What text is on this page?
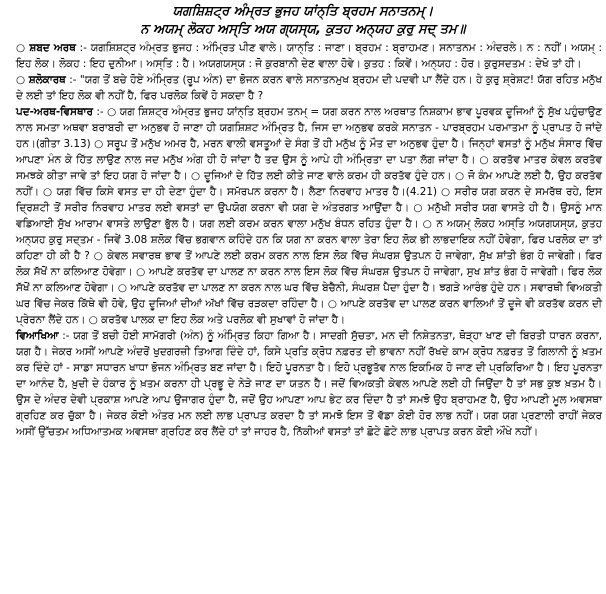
ਯਗਸ਼ਿਸ਼ਟ੍ਰ ਅੰਮ੍ਰਤ ਭੁਜਹ ਯਾਂਨ੍ਤਿ ਬ੍ਰਹਮ ਸਨਾਤਨਮ੍।
ਨ ਅਯਮ੍ ਲੋਕਹ ਅਸ੍ਤਿ ਅਯ ਗ੍ਯਸ੍ਯ, ਕੁਤਹ ਅਨ੍ਯਹ ਕੁਰੁ ਸਦ੍ ਤਮ॥

○ ਸ਼ਬਦ ਅਰਥ :- ਯਗਸ਼ਿਸ਼ਟ੍ਰ ਅੰਮ੍ਰਤ ਭੁਜਹ : ਅੰਮ੍ਰਿਤ ਪੀਣ ਵਾਲੇ। ਯਾਨ੍ਤਿ : ਜਾਣਾ। ਬ੍ਰਹਮ : ਬ੍ਰਾਹਮਣ। ਸਨਾਤਨਮ : ਅੰਦਰਲੇ। ਨ : ਨਹੀਂ। ਅਯਮ੍ : ਇਹ ਲੋਕ। ਲੋਕਹ : ਇਹ ਦੁਨੀਆ। ਅਸ੍ਤਿ : ਹੈ। ਅਯਗਯਸ੍ਯ : ਜੋ ਕੁਰਬਾਨੀ ਦੇਣ ਵਾਲਾ ਹੋਵੇ। ਕੁਤਹ : ਕਿਵੇਂ। ਅਨ੍ਯਹ : ਹੋਰ। ਕੁਰੁਸਦਤਮ : ਦੇਖੋ ਤਾਂ ਹੀ।

○ ਸ਼ਲੋਕਾਰਥ :- "ਯਗ ਤੋਂ ਬਚੇ ਹੋਏ ਅੰਮ੍ਰਿਤ (ਰੂਪ ਅੰਨ) ਦਾ ਭੋਜਨ ਕਰਨ ਵਾਲੇ ਸਨਾਤਨਮੁਖ ਬ੍ਰਹਮ ਦੀ ਪਦਵੀ ਪਾ ਲੈਂਦੇ ਹਨ। ਹੇ ਕੁਰੁ ਸ਼੍ਰੇਸ਼ਟ! ਯੱਗ ਰਹਿਤ ਮਨੁੱਖ ਦੇ ਲਈ ਤਾਂ ਇਹ ਲੋਕ ਵੀ ਨਹੀਂ ਹੈ, ਫਿਰ ਪਰਲੋਕ ਕਿਵੇਂ ਹੋ ਸਕਦਾ ਹੈ ?

ਪਦ-ਅਰਥ-ਵਿਸਥਾਰ :- ○ ਯਗ ਸ਼ਿਸ਼ਟ੍ਰ ਅੰਮ੍ਰਤ ਭੁਜਹ ਯਾਂਨ੍ਤਿ ਬ੍ਰਹਮ ਤਨਮ੍ = ਯਗ ਕਰਨ ਨਾਲ ਅਰਥਾਤ ਨਿਸ਼ਕਾਮ ਭਾਵ ਪੂਰਵਕ ਦੂਜਿਆਂ ਨੂੰ ਸੁੱਖ ਪਹੁੰਚਾਉਣ ਨਾਲ ਸਮਤਾ ਅਥਵਾ ਬਰਾਬਰੀ ਦਾ ਅਨੁਭਵ ਹੋ ਜਾਣਾ ਹੀ ਯਗਸ਼ਿਸ਼ਟ ਅੰਮ੍ਰਿਤ ਹੈ, ਜਿਸ ਦਾ ਅਨੁਭਵ ਕਰਕੇ ਸਨਾਤਨ - ਪਾਰਬ੍ਰਹਮ ਪਰਮਾਤਮਾ ਨੂੰ ਪ੍ਰਾਪਤ ਹੋ ਜਾਂਦੇ ਹਨ।(ਗੀਤਾ 3.13) ○ ਸਰੂਪ ਤੋਂ ਮਨੁੱਖ ਅਮਰ ਹੈ, ਮਰਨ ਵਾਲੀ ਵਸਤੂਆਂ ਦੇ ਸੰਗ ਤੋਂ ਹੀ ਮਨੁੱਖ ਨੂੰ ਮੌਤ ਦਾ ਅਨੁਭਵ ਹੁੰਦਾ ਹੈ। ਜਿਨ੍ਹਾਂ ਵਸਤਾਂ ਨੂੰ ਮਨੁੱਖ ਸੰਸਾਰ ਵਿੱਚ ਆਪਣਾ ਮੰਨ ਕੇ ਹਿੱਤ ਲਾਉਣ ਨਾਲ ਜਦ ਮਨੁੱਖ ਅੰਗ ਹੀ ਹੋ ਜਾਂਦਾ ਹੈ ਤਦ ਉਸ ਨੂੰ ਆਪੇ ਹੀ ਅੰਮ੍ਰਿਤਾ ਦਾ ਪਤਾ ਲੱਗ ਜਾਂਦਾ ਹੈ। ○ ਕਰਤੱਵ ਮਾਤਰ ਕੇਵਲ ਕਰਤੱਵ ਸਮਝਕੇ ਕੀਤਾ ਜਾਵੇ ਤਾਂ ਇਹ ਯਗ ਹੋ ਜਾਂਦਾ ਹੈ। ○ ਦੂਜਿਆਂ ਦੇ ਹਿੱਤ ਲਈ ਕੀਤੇ ਜਾਣ ਵਾਲੇ ਕਰਮ ਹੀ ਕਰਤੱਵ ਹੁੰਦੇ ਹਨ। ○ ਜੋ ਕੰਮ ਆਪਣੇ ਲਈ ਹੈ, ਉਹ ਕਰਤੱਵ ਨਹੀਂ। ○ ਯਗ ਵਿੱਚ ਕਿਸੇ ਵਸਤ ਦਾ ਹੀ ਦੇਣਾ ਹੁੰਦਾ ਹੈ। ਸਮੱਰਪਨ ਕਰਨਾ ਹੈ। ਲੈਣਾ ਨਿਰਵਾਹ ਮਾਤਰ ਹੈ।(4.21) ○ ਸਰੀਰ ਯਗ ਕਰਨ ਦੇ ਸਮਰੱਥ ਰਹੇ, ਇਸ ਦ੍ਰਿਸ਼ਟੀ ਤੋਂ ਸਰੀਰ ਨਿਰਵਾਹ ਮਾਤਰ ਲਈ ਵਸਤਾਂ ਦਾ ਉਪਯੋਗ ਕਰਨਾ ਵੀ ਯਗ ਦੇ ਅੰਤਰਗਤ ਆਉਂਦਾ ਹੈ। ○ ਮਨੁੱਖੀ ਸਰੀਰ ਯਗ ਵਾਸਤੇ ਹੀ ਹੈ। ਉਸਨੂੰ ਮਾਨ ਵਡਿਆਈ ਸੁੱਖ ਆਰਾਮ ਵਾਸਤੇ ਲਾਉਣਾ ਭੁੱਲ ਹੈ। ਯਗ ਲਈ ਕਰਮ ਕਰਨ ਵਾਲਾ ਮਨੁੱਖ ਬੰਧਨ ਰਹਿਤ ਹੁੰਦਾ ਹੈ। ○ ਨ ਅਯਮ੍ ਲੋਕਹ ਅਸ੍ਤਿ ਅਯਗਯਸ੍ਯ, ਕੁਤਹ ਅਨ੍ਯਹ ਕੁਰੁ ਸਦ੍ਤਮ - ਜਿਵੇਂ 3.08 ਸ਼ਲੋਕ ਵਿੱਚ ਭਗਵਾਨ ਕਹਿੰਦੇ ਹਨ ਕਿ ਯਗ ਨਾ ਕਰਨ ਵਾਲਾ ਤੇਰਾ ਇਹ ਲੋਕ ਭੀ ਲਾਭਦਾਇਕ ਨਹੀਂ ਹੋਵੇਗਾ, ਫਿਰ ਪਰਲੋਕ ਦਾ ਤਾਂ ਕਹਿਣਾ ਹੀ ਕੀ ਹੈ ? ○ ਕੇਵਲ ਸਵਾਰਥ ਭਾਵ ਤੋਂ ਆਪਣੇ ਲਈ ਕਰਮ ਕਰਨ ਨਾਲ ਇਸ ਲੋਕ ਵਿੱਚ ਸੰਘਰਸ਼ ਉਤਪਨ ਹੋ ਜਾਵੇਗਾ, ਸੁੱਖ ਸ਼ਾਂਤੀ ਭੰਗ ਹੋ ਜਾਵੇਗੀ। ਫਿਰ ਲੋਕ ਸੱਖੋਂ ਨਾ ਕਲਿਆਣ ਹੋਵੇਗਾ। ○ ਆਪਣੇ ਕਰਤੱਵ ਦਾ ਪਾਲਣ ਨਾ ਕਰਨ ਨਾਲ ਇਸ ਲੋਕ ਵਿੱਚ ਸੰਘਰਸ਼ ਉਤਪਨ ਹੋ ਜਾਵੇਗਾ, ਸੁਖ ਸ਼ਾਂਤ ਭੰਗ ਹੋ ਜਾਵੇਗੀ। ਫਿਰ ਲੋਕ ਸੱਖੋਂ ਨਾ ਕਲਿਆਣ ਹੋਵੇਗਾ। ○ ਆਪਣੇ ਕਰਤੱਵ ਦਾ ਪਾਲਣ ਨਾ ਕਰਨ ਨਾਲ ਘਰ ਵਿੱਚ ਬੇਚੈਨੀ, ਸੰਘਰਸ਼ ਪੈਦਾ ਹੁੰਦਾ ਹੈ। ਝਗੜੇ ਆਰੰਭ ਹੁੰਦੇ ਹਨ। ਸਵਾਰਥੀ ਵਿਅਕਤੀ ਘਰ ਵਿੱਚ ਜੇਕਰ ਕਿੱਥੇ ਵੀ ਹੋਵੇ, ਉਹ ਦੂਜਿਆਂ ਦੀਆਂ ਅੱਖਾਂ ਵਿੱਚ ਰੜਕਦਾ ਰਹਿੰਦਾ ਹੈ। ○ ਆਪਣੇ ਕਰਤੱਵ ਦਾ ਪਾਲਣ ਕਰਨ ਵਾਲਿਆਂ ਤੋਂ ਦੂਜੇ ਵੀ ਕਰਤੱਵ ਕਰਨ ਦੀ ਪ੍ਰੇਰਨਾ ਲੈਂਦੇ ਹਨ। ○ ਕਰਤੱਵ ਪਾਲਕ ਦਾ ਇਹ ਲੋਕ ਅਤੇ ਪਰਲੋਕ ਵੀ ਸੁਖਾਵਾਂ ਹੋ ਜਾਂਦਾ ਹੈ।

ਵਿਆਖਿਆ :- ਯਗ ਤੋਂ ਬਚੀ ਹੋਈ ਸਾਮੱਗਰੀ (ਅੰਨ) ਨੂੰ ਅੰਮ੍ਰਿਤ ਕਿਹਾ ਗਿਆ ਹੈ। ਸਾਦਗੀ ਸੁੱਚਤਾ, ਮਨ ਦੀ ਨਿਸ਼ੇਤਨਤਾ, ਥੋੜ੍ਹਾ ਖਾਣ ਦੀ ਬਿਰਤੀ ਧਾਰਨ ਕਰਨਾ, ਯਗ ਹੈ। ਜੇਕਰ ਅਸੀਂ ਆਪਣੇ ਅੰਦਰੋਂ ਖੁਦਗਰਜ਼ੀ ਤਿਆਗ ਦਿੰਦੇ ਹਾਂ, ਕਿਸੇ ਪ੍ਰਤਿ ਕ੍ਰੋਧ ਨਫ਼ਰਤ ਦੀ ਭਾਵਨਾ ਨਹੀਂ ਰੱਖਦੇ ਕਾਮ ਕ੍ਰੋਧ ਨਫ਼ਰਤ ਤੋਂ ਗਿਲਾਨੀ ਨੂੰ ਖ਼ਤਮ ਕਰ ਦਿੰਦੇ ਹਾਂ - ਸਾਡਾ ਸਧਾਰਨ ਖਾਧਾ ਭੋਜਨ ਅੰਮ੍ਰਿਤ ਬਣ ਜਾਂਦਾ ਹੈ। ਇਹੋ ਪੂਰਨਤਾ ਹੈ। ਇਹੋ ਪ੍ਰਭੂਤੱਵ ਨਾਲ ਇਕਮਿਕ ਹੋ ਜਾਣ ਦੀ ਪ੍ਰਕਿਰਿਆ ਹੈ। ਇਹ ਪੂਰਨਤਾ ਦਾ ਆਨੰਦ ਹੈ, ਖ਼ੁਦੀ ਦੇ ਹੰਕਾਰ ਨੂੰ ਖ਼ਤਮ ਕਰਨਾ ਹੀ ਪ੍ਰਭੂ ਦੇ ਨੇੜੇ ਜਾਣ ਦਾ ਯਤਨ ਹੈ। ਜਦੋਂ ਵਿਅਕਤੀ ਕੇਵਲ ਆਪਣੇ ਲਈ ਹੀ ਜਿਉਂਦਾ ਹੈ ਤਾਂ ਸਭ ਕੁਝ ਖ਼ਤਮ ਹੈ। ਉਸ ਦੇ ਅੰਦਰ ਦੇਵੀ ਪ੍ਰਕਾਸ਼ ਆਪਣੇ ਆਪ ਉਜਾਗਰ ਹੁੰਦਾ ਹੈ, ਜਦੋਂ ਉਹ ਆਪਣਾ ਆਪ ਭੇਟ ਕਰ ਦਿੰਦਾ ਹੈ ਤਾਂ ਸਮਝੋ ਉਹ ਬ੍ਰਾਹਮਣ ਹੈ, ਉਹ ਆਪਣੀ ਮੂਲ ਅਵਸਥਾ ਗ੍ਰਹਿਣ ਕਰ ਚੁੱਕਾ ਹੈ। ਜੇਕਰ ਕੋਈ ਅੰਤਰ ਮਨ ਲਈ ਲਾਭ ਪ੍ਰਾਪਤ ਕਰਦਾ ਹੈ ਤਾਂ ਸਮਝੋ ਇਸ ਤੋਂ ਵੱਡਾ ਕੋਈ ਹੋਰ ਲਾਭ ਨਹੀਂ। ਯਗ ਯਗ ਪ੍ਰਣਾਲੀ ਰਾਹੀਂ ਜੇਕਰ ਅਸੀਂ ਉੱਚਤਮ ਅਧਿਆਤਮਕ ਅਵਸਥਾ ਗ੍ਰਹਿਣ ਕਰ ਲੈਂਦੇ ਹਾਂ ਤਾਂ ਜਾਹਰ ਹੈ, ਨਿੱਕੀਆਂ ਵਸਤਾਂ ਤਾਂ ਛੋਟੇ ਛੋਟੇ ਲਾਭ ਪ੍ਰਾਪਤ ਕਰਨ ਕੋਈ ਔਖੇ ਨਹੀਂ।
